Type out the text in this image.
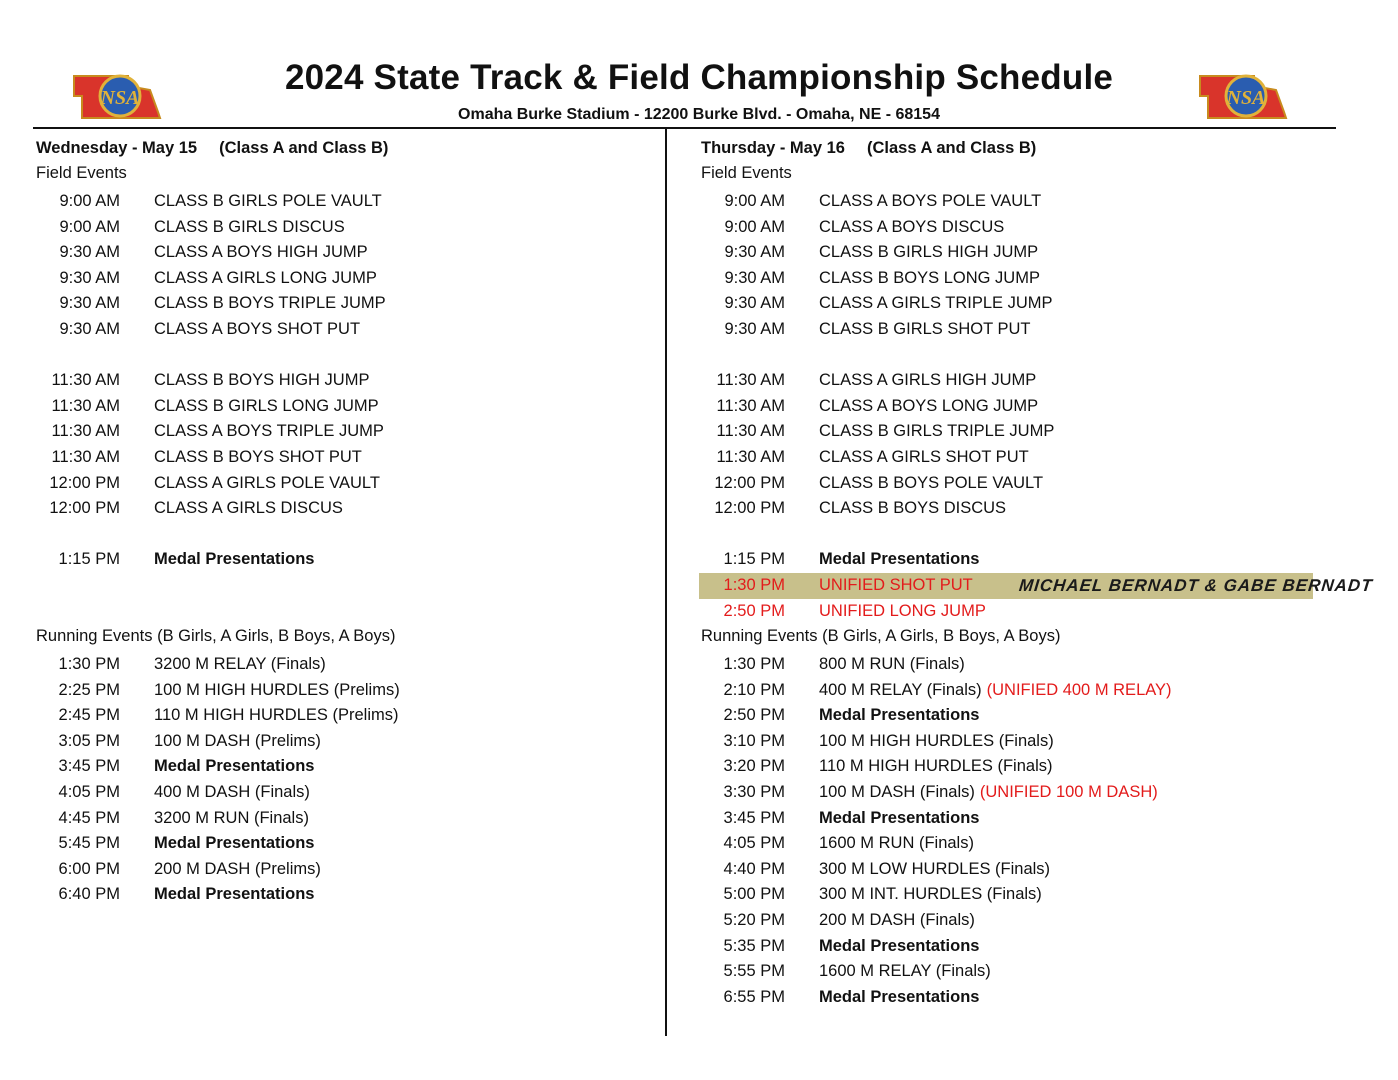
NSA	NSA
2024 State Track & Field Championship Schedule
Omaha Burke Stadium - 12200 Burke Blvd. - Omaha, NE - 68154
Wednesday - May 15 (Class A and Class B)
Field Events
9:00 AM CLASS B GIRLS POLE VAULT
9:00 AM CLASS B GIRLS DISCUS
9:30 AM CLASS A BOYS HIGH JUMP
9:30 AM CLASS A GIRLS LONG JUMP
9:30 AM CLASS B BOYS TRIPLE JUMP
9:30 AM CLASS A BOYS SHOT PUT
11:30 AM CLASS B BOYS HIGH JUMP
11:30 AM CLASS B GIRLS LONG JUMP
11:30 AM CLASS A BOYS TRIPLE JUMP
11:30 AM CLASS B BOYS SHOT PUT
12:00 PM CLASS A GIRLS POLE VAULT
12:00 PM CLASS A GIRLS DISCUS
1:15 PM Medal Presentations
Running Events (B Girls, A Girls, B Boys, A Boys)
1:30 PM 3200 M RELAY (Finals)
2:25 PM 100 M HIGH HURDLES (Prelims)
2:45 PM 110 M HIGH HURDLES (Prelims)
3:05 PM 100 M DASH (Prelims)
3:45 PM Medal Presentations
4:05 PM 400 M DASH (Finals)
4:45 PM 3200 M RUN (Finals)
5:45 PM Medal Presentations
6:00 PM 200 M DASH (Prelims)
6:40 PM Medal Presentations
Thursday - May 16 (Class A and Class B)
Field Events
9:00 AM CLASS A BOYS POLE VAULT
9:00 AM CLASS A BOYS DISCUS
9:30 AM CLASS B GIRLS HIGH JUMP
9:30 AM CLASS B BOYS LONG JUMP
9:30 AM CLASS A GIRLS TRIPLE JUMP
9:30 AM CLASS B GIRLS SHOT PUT
11:30 AM CLASS A GIRLS HIGH JUMP
11:30 AM CLASS A BOYS LONG JUMP
11:30 AM CLASS B GIRLS TRIPLE JUMP
11:30 AM CLASS A GIRLS SHOT PUT
12:00 PM CLASS B BOYS POLE VAULT
12:00 PM CLASS B BOYS DISCUS
1:15 PM Medal Presentations
1:30 PM UNIFIED SHOT PUT	MICHAEL BERNADT & GABE BERNADT
2:50 PM UNIFIED LONG JUMP
Running Events (B Girls, A Girls, B Boys, A Boys)
1:30 PM 800 M RUN (Finals)
2:10 PM 400 M RELAY (Finals) (UNIFIED 400 M RELAY)
2:50 PM Medal Presentations
3:10 PM 100 M HIGH HURDLES (Finals)
3:20 PM 110 M HIGH HURDLES (Finals)
3:30 PM 100 M DASH (Finals) (UNIFIED 100 M DASH)
3:45 PM Medal Presentations
4:05 PM 1600 M RUN (Finals)
4:40 PM 300 M LOW HURDLES (Finals)
5:00 PM 300 M INT. HURDLES (Finals)
5:20 PM 200 M DASH (Finals)
5:35 PM Medal Presentations
5:55 PM 1600 M RELAY (Finals)
6:55 PM Medal Presentations
